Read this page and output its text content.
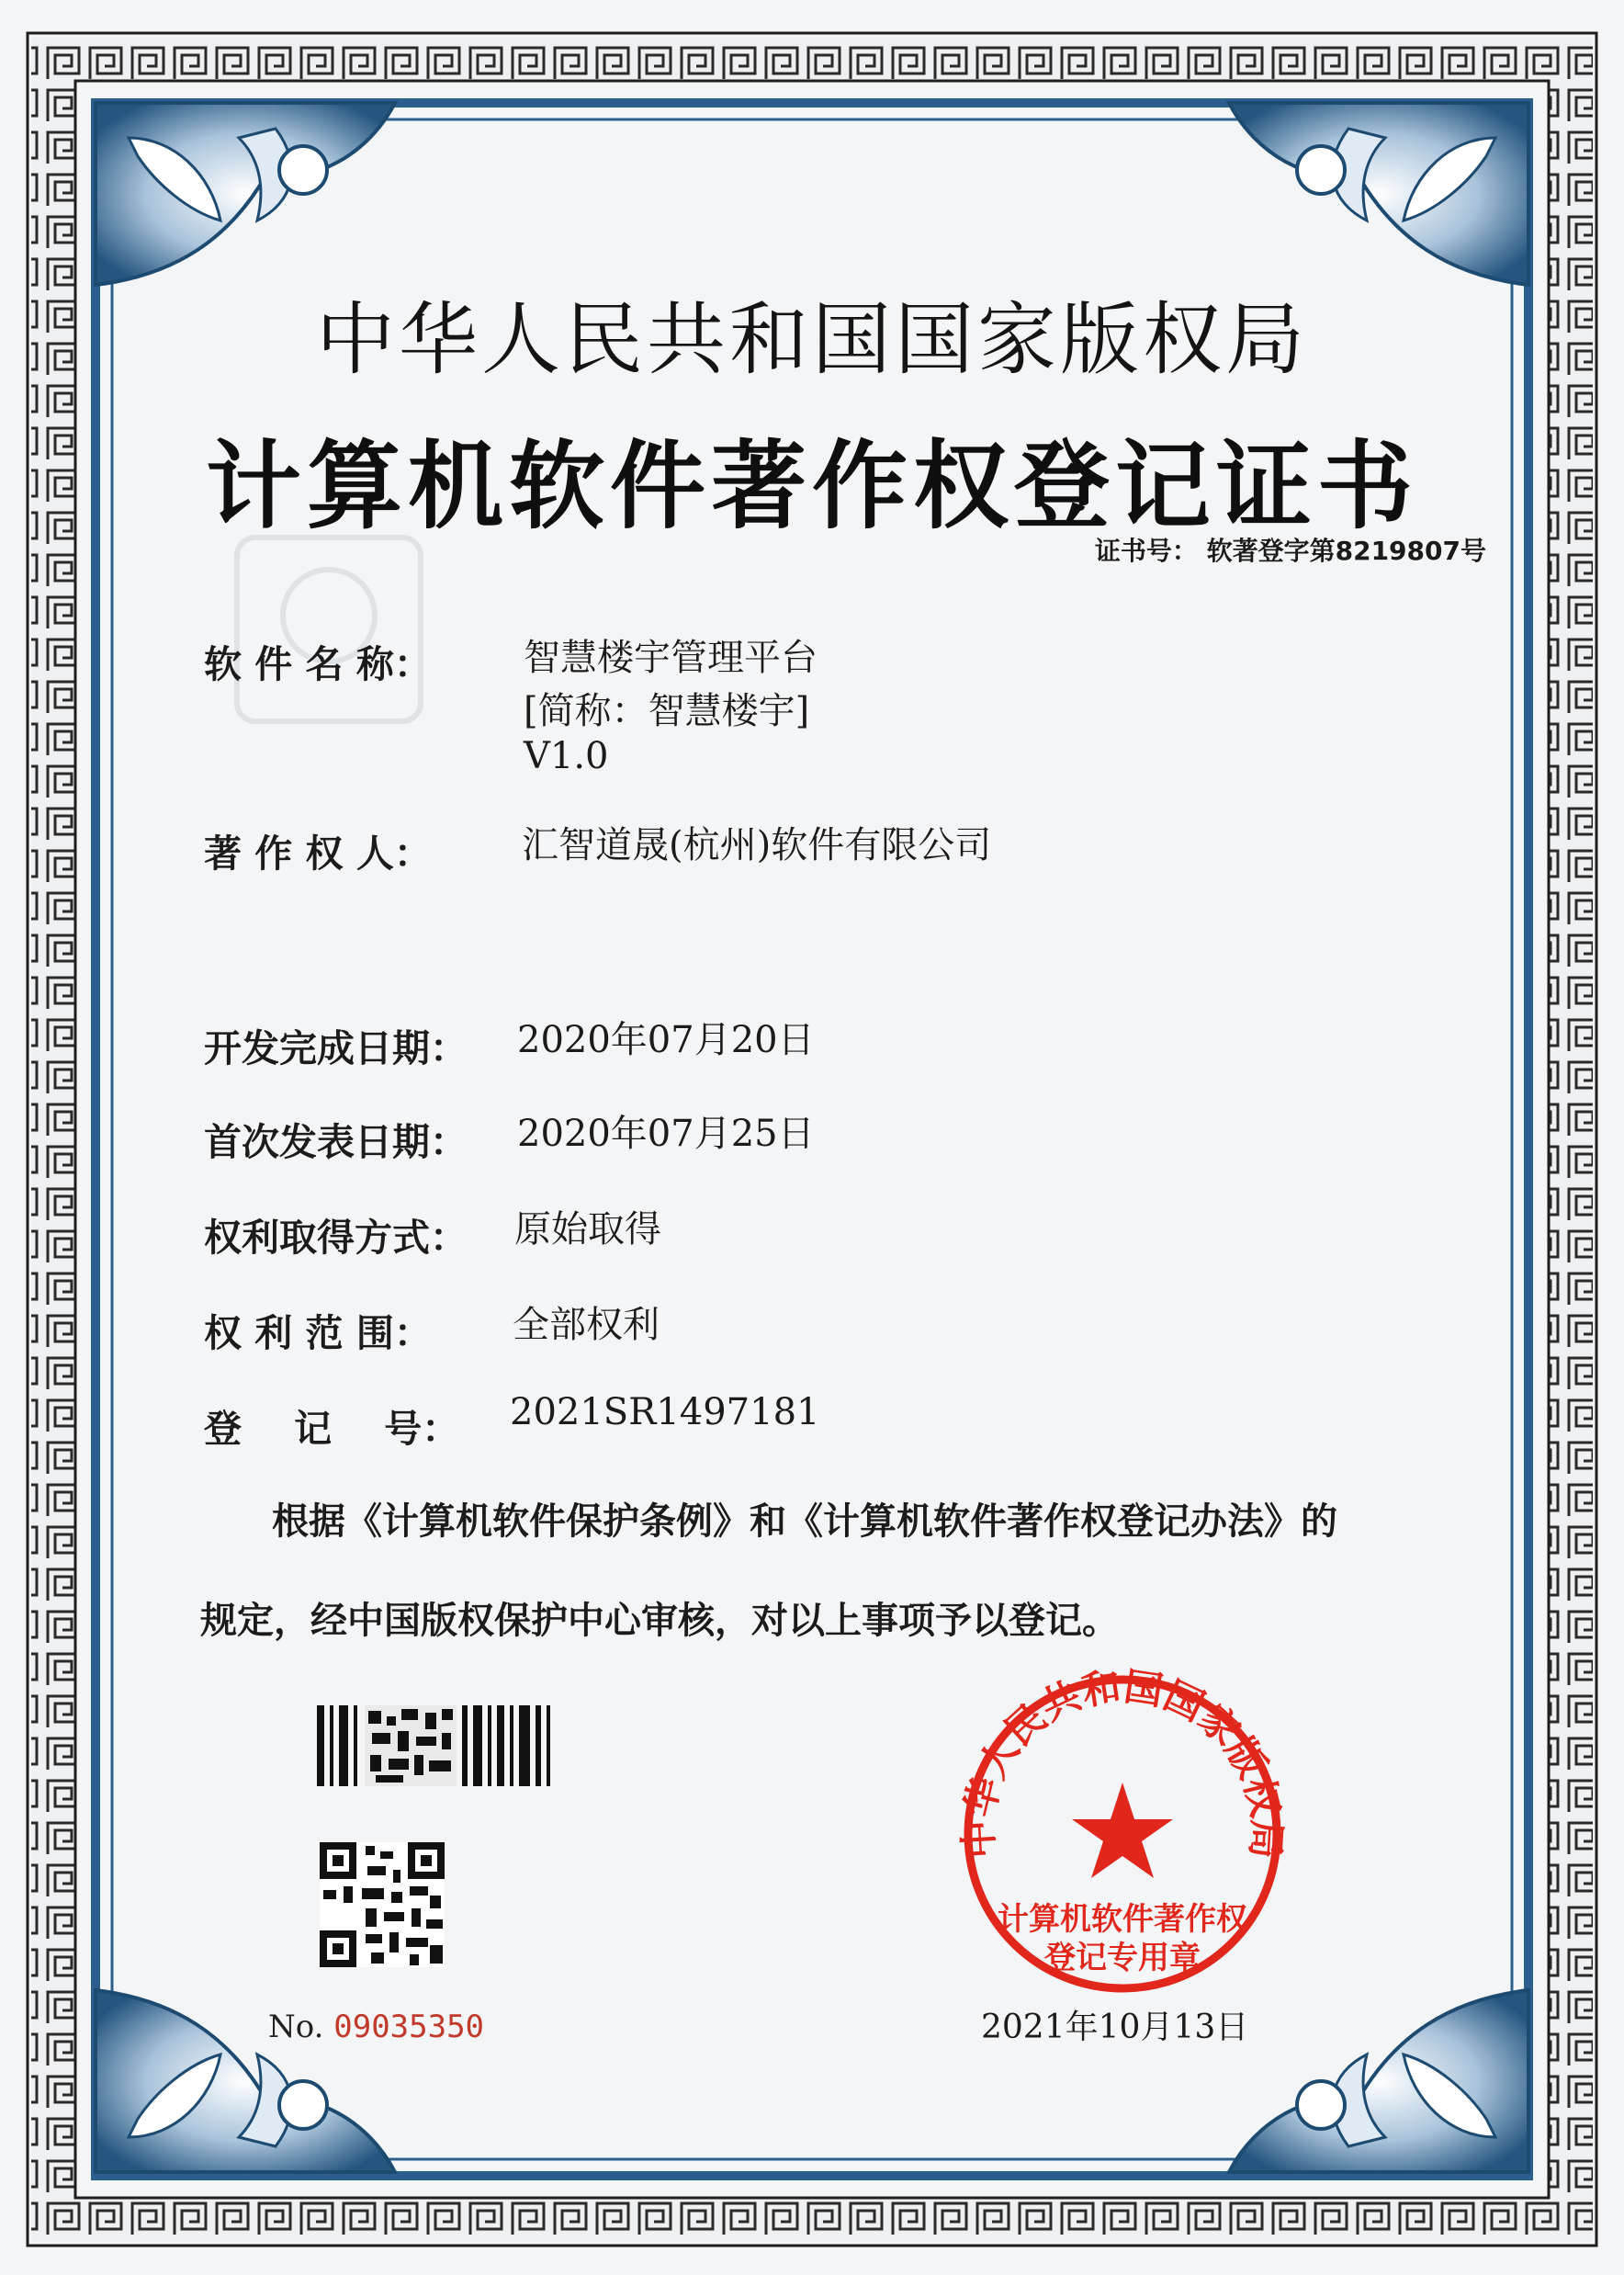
中华人民共和国国家版权局
计算机软件著作权
登记专用章
中华人民共和国国家版权局
计算机软件著作权登记证书
证书号： 软著登字第8219807号
软 件 名 称：	智慧楼宇管理平台
[简称：智慧楼宇]
V1.0
著 作 权 人： 汇智道晟(杭州)软件有限公司
开发完成日期： 2020年07月20日
首次发表日期： 2020年07月25日
权利取得方式： 原始取得
权 利 范 围： 全部权利
登    记    号： 2021SR1497181
根据《计算机软件保护条例》和《计算机软件著作权登记办法》的
规定，经中国版权保护中心审核，对以上事项予以登记。
No. 09035350	2021年10月13日
